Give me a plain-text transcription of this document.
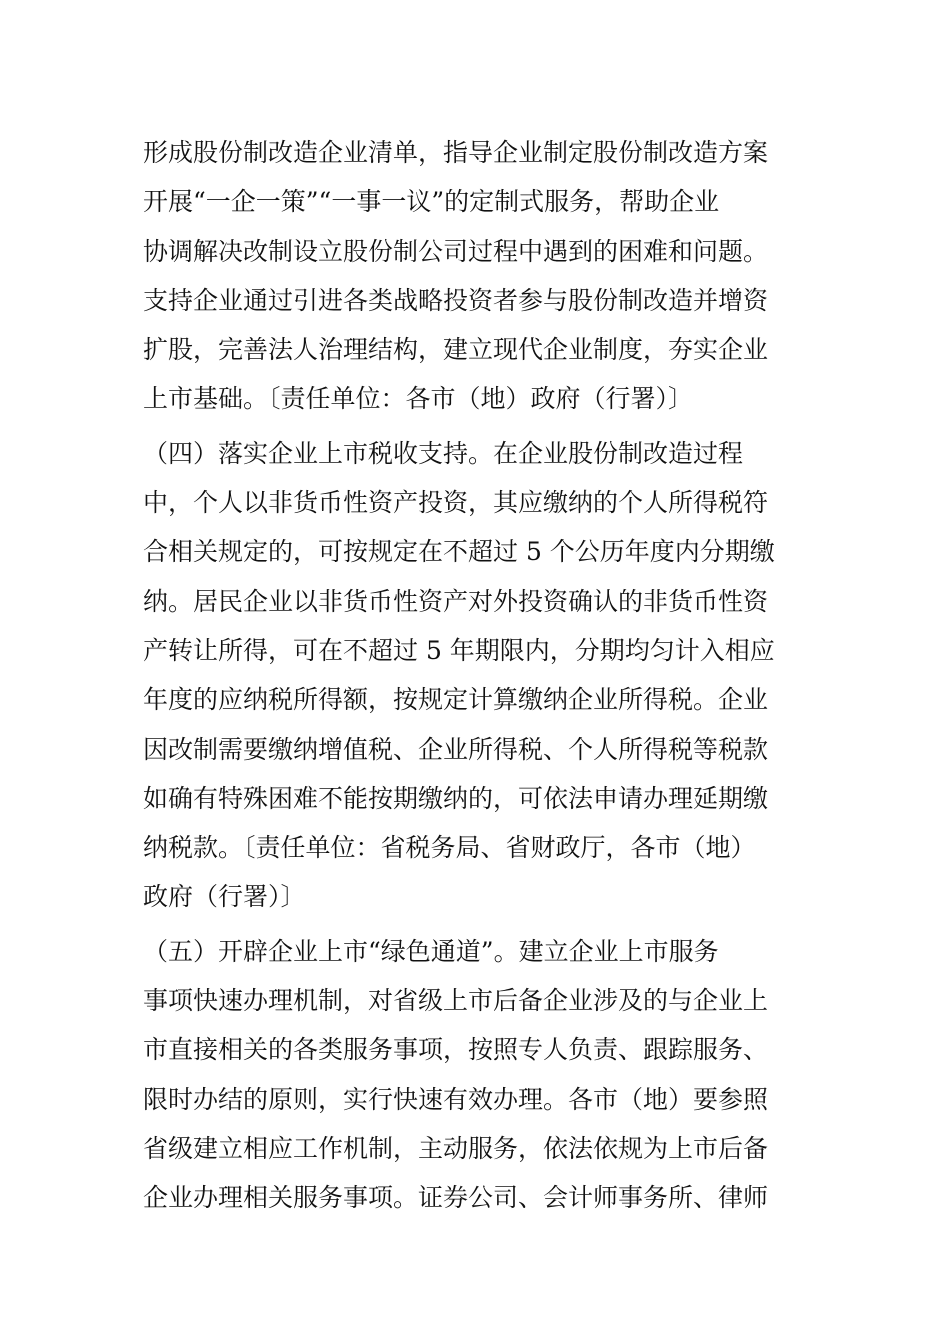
形成股份制改造企业清单，指导企业制定股份制改造方案
开展“一企一策”“一事一议”的定制式服务，帮助企业
协调解决改制设立股份制公司过程中遇到的困难和问题。
支持企业通过引进各类战略投资者参与股份制改造并增资
扩股，完善法人治理结构，建立现代企业制度，夯实企业
上市基础。〔责任单位：各市（地）政府（行署）〕
（四）落实企业上市税收支持。在企业股份制改造过程
中，个人以非货币性资产投资，其应缴纳的个人所得税符
合相关规定的，可按规定在不超过 5 个公历年度内分期缴
纳。居民企业以非货币性资产对外投资确认的非货币性资
产转让所得，可在不超过 5 年期限内，分期均匀计入相应
年度的应纳税所得额，按规定计算缴纳企业所得税。企业
因改制需要缴纳增值税、企业所得税、个人所得税等税款
如确有特殊困难不能按期缴纳的，可依法申请办理延期缴
纳税款。〔责任单位：省税务局、省财政厅，各市（地）
政府（行署）〕
（五）开辟企业上市“绿色通道”。建立企业上市服务
事项快速办理机制，对省级上市后备企业涉及的与企业上
市直接相关的各类服务事项，按照专人负责、跟踪服务、
限时办结的原则，实行快速有效办理。各市（地）要参照
省级建立相应工作机制，主动服务，依法依规为上市后备
企业办理相关服务事项。证券公司、会计师事务所、律师
